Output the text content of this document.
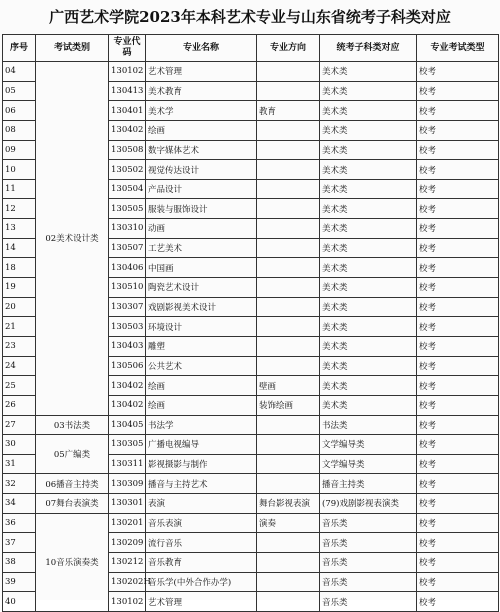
广西艺术学院2023年本科艺术专业与山东省统考子科类对应
序号	考试类别	专业代码	专业名称	专业方向	统考子科类对应	专业考试类型
04	02美术设计类	130102	艺术管理		美术类	校考
05		130413	美术教育		美术类	校考
06		130401	美术学	教育	美术类	校考
08		130402	绘画		美术类	校考
09		130508	数字媒体艺术		美术类	校考
10		130502	视觉传达设计		美术类	校考
11		130504	产品设计		美术类	校考
12		130505	服装与服饰设计		美术类	校考
13		130310	动画		美术类	校考
14		130507	工艺美术		美术类	校考
18		130406	中国画		美术类	校考
19		130510	陶瓷艺术设计		美术类	校考
20		130307	戏剧影视美术设计		美术类	校考
21		130503	环境设计		美术类	校考
23		130403	雕塑		美术类	校考
24		130506	公共艺术		美术类	校考
25		130402	绘画	壁画	美术类	校考
26		130402	绘画	装饰绘画	美术类	校考
27	03书法类	130405	书法学		书法类	校考
30	05广编类	130305	广播电视编导		文学编导类	校考
31		130311	影视摄影与制作		文学编导类	校考
32	06播音主持类	130309	播音与主持艺术		播音主持类	校考
34	07舞台表演类	130301	表演	舞台影视表演	(79)戏剧影视表演类	校考
36	10音乐演奏类	130201	音乐表演	演奏	音乐类	校考
37		130209	流行音乐		音乐类	校考
38		130212	音乐教育		音乐类	校考
39		130202H	音乐学(中外合作办学)		音乐类	校考
40		130102	艺术管理		音乐类	校考
